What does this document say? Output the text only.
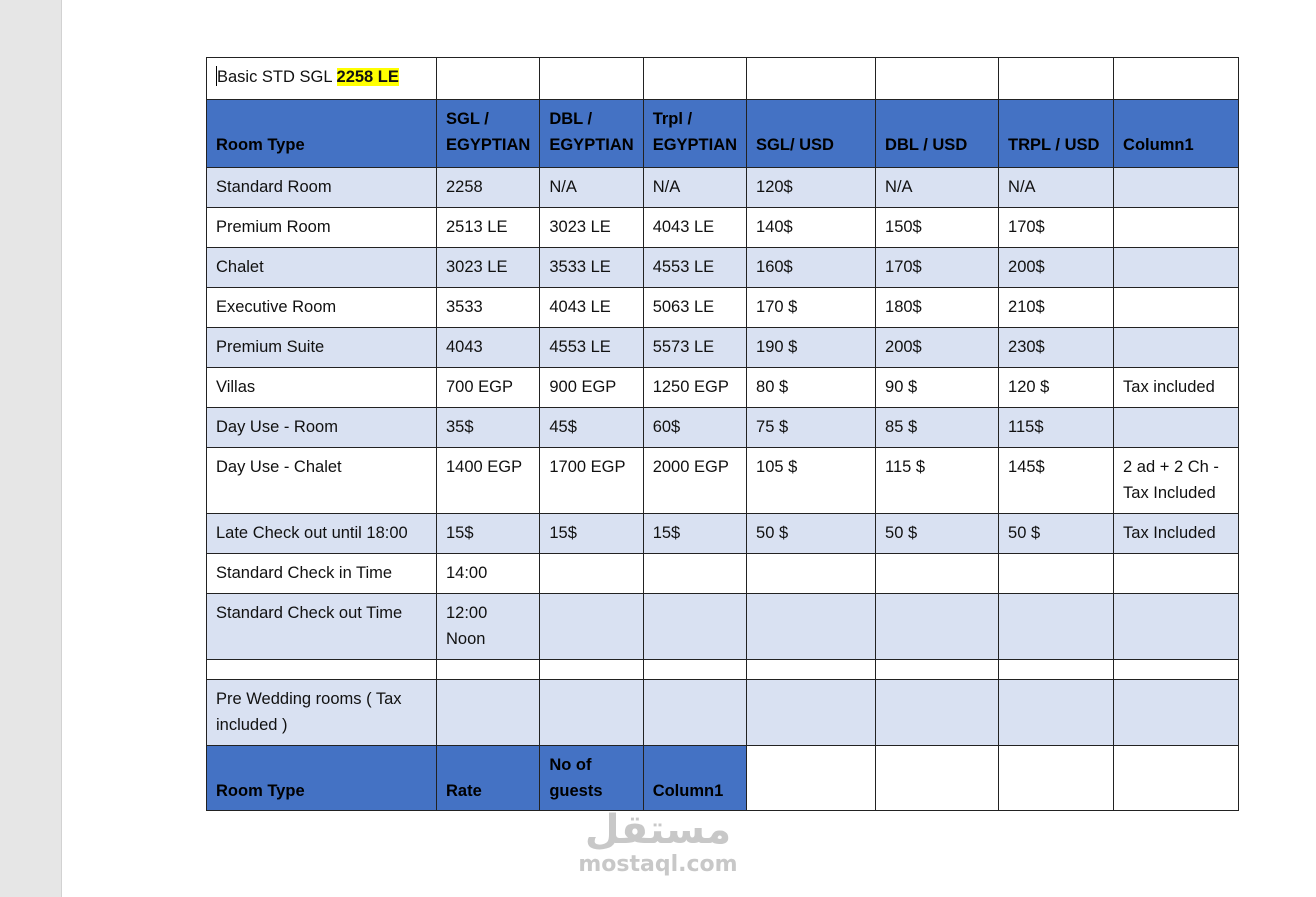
Basic STD SGL 2258 LE							
Room Type	SGL / EGYPTIAN	DBL / EGYPTIAN	Trpl / EGYPTIAN	SGL/ USD	DBL / USD	TRPL / USD	Column1
Standard Room	2258	N/A	N/A	120$	N/A	N/A	
Premium Room	2513 LE	3023 LE	4043 LE	140$	150$	170$	
Chalet	3023 LE	3533 LE	4553 LE	160$	170$	200$	
Executive Room	3533	4043 LE	5063 LE	170 $	180$	210$	
Premium Suite	4043	4553 LE	5573 LE	190 $	200$	230$	
Villas	700 EGP	900 EGP	1250 EGP	80 $	90 $	120 $	Tax included
Day Use - Room	35$	45$	60$	75 $	85 $	115$	
Day Use - Chalet	1400 EGP	1700 EGP	2000 EGP	105 $	115 $	145$	2 ad + 2 Ch - Tax Included
Late Check out until 18:00	15$	15$	15$	50 $	50 $	50 $	Tax Included
Standard Check in Time	14:00						
Standard Check out Time	12:00 Noon						

Pre Wedding rooms ( Tax included )							
Room Type	Rate	No of guests	Column1				
مستقل
mostaql.com
